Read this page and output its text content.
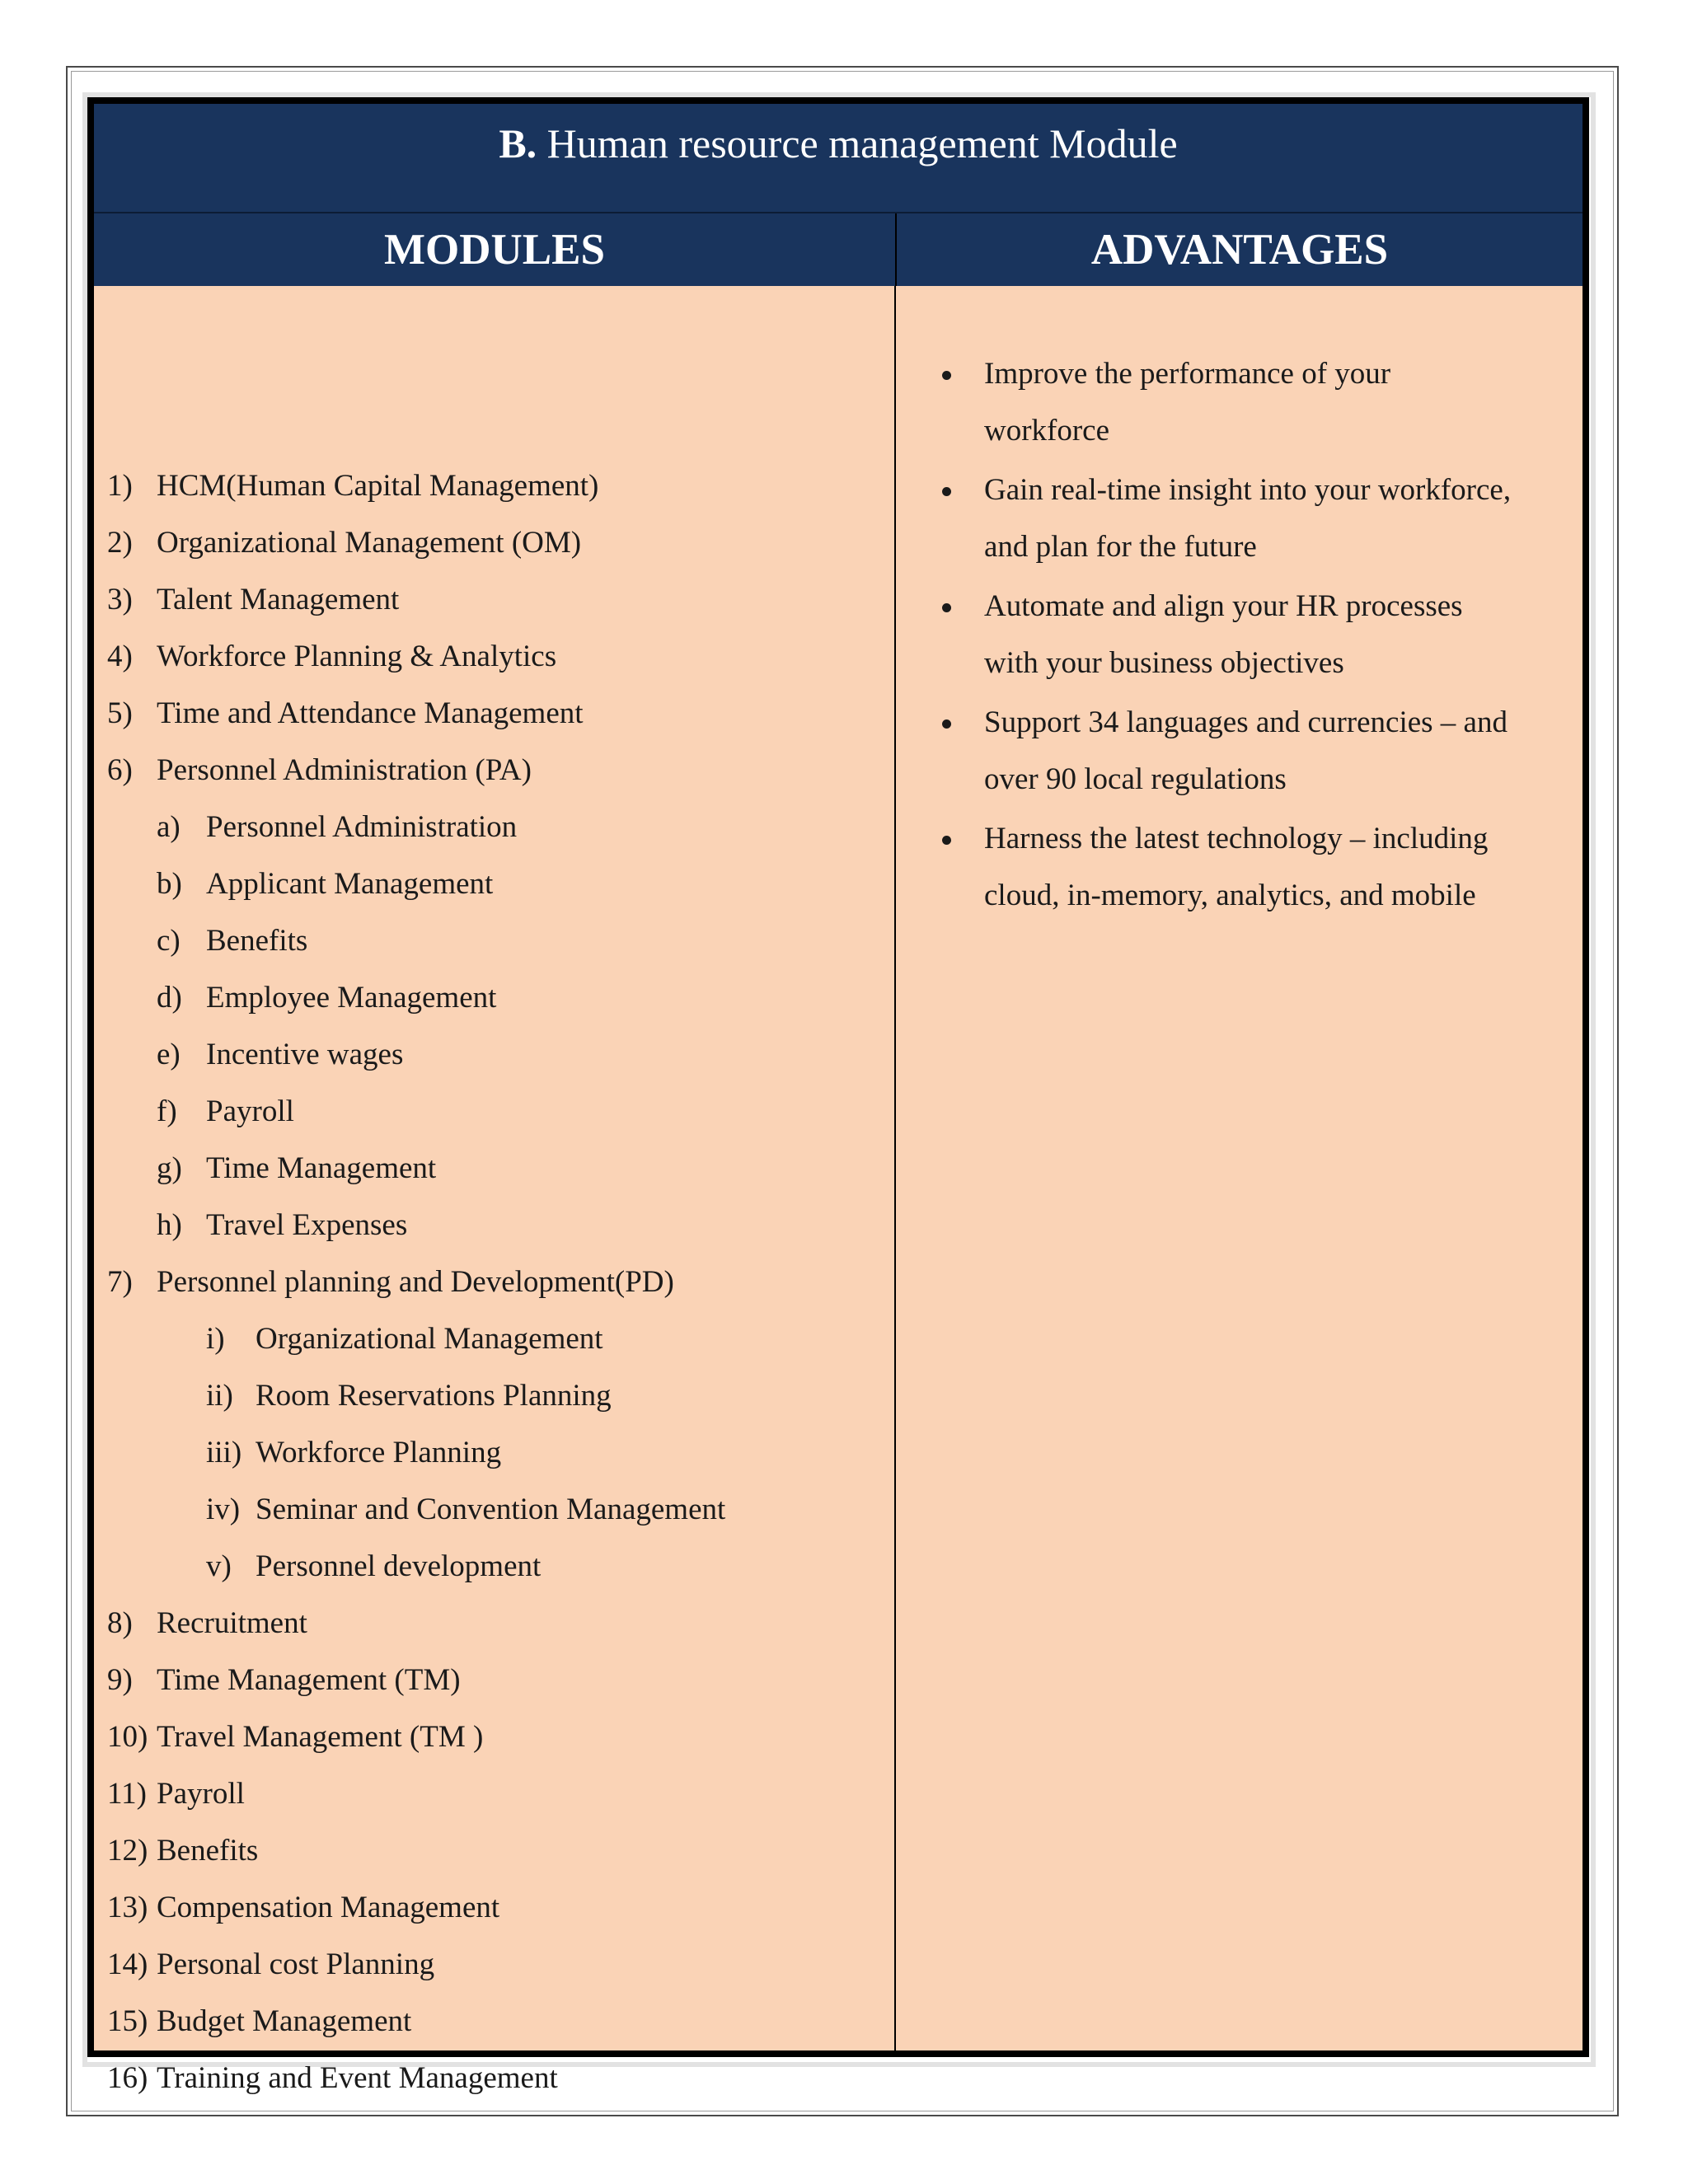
B. Human resource management Module
MODULES	ADVANTAGES
1) HCM(Human Capital Management)
2) Organizational Management (OM)
3) Talent Management
4) Workforce Planning & Analytics
5) Time and Attendance Management
6) Personnel Administration (PA)
a) Personnel Administration
b) Applicant Management
c) Benefits
d) Employee Management
e) Incentive wages
f) Payroll
g) Time Management
h) Travel Expenses
7) Personnel planning and Development(PD)
i) Organizational Management
ii) Room Reservations Planning
iii) Workforce Planning
iv) Seminar and Convention Management
v) Personnel development
8) Recruitment
9) Time Management (TM)
10) Travel Management (TM )
11) Payroll
12) Benefits
13) Compensation Management
14) Personal cost Planning
15) Budget Management
16) Training and Event Management
Improve the performance of your
workforce
Gain real-time insight into your workforce,
and plan for the future
Automate and align your HR processes
with your business objectives
Support 34 languages and currencies – and
over 90 local regulations
Harness the latest technology – including
cloud, in-memory, analytics, and mobile
